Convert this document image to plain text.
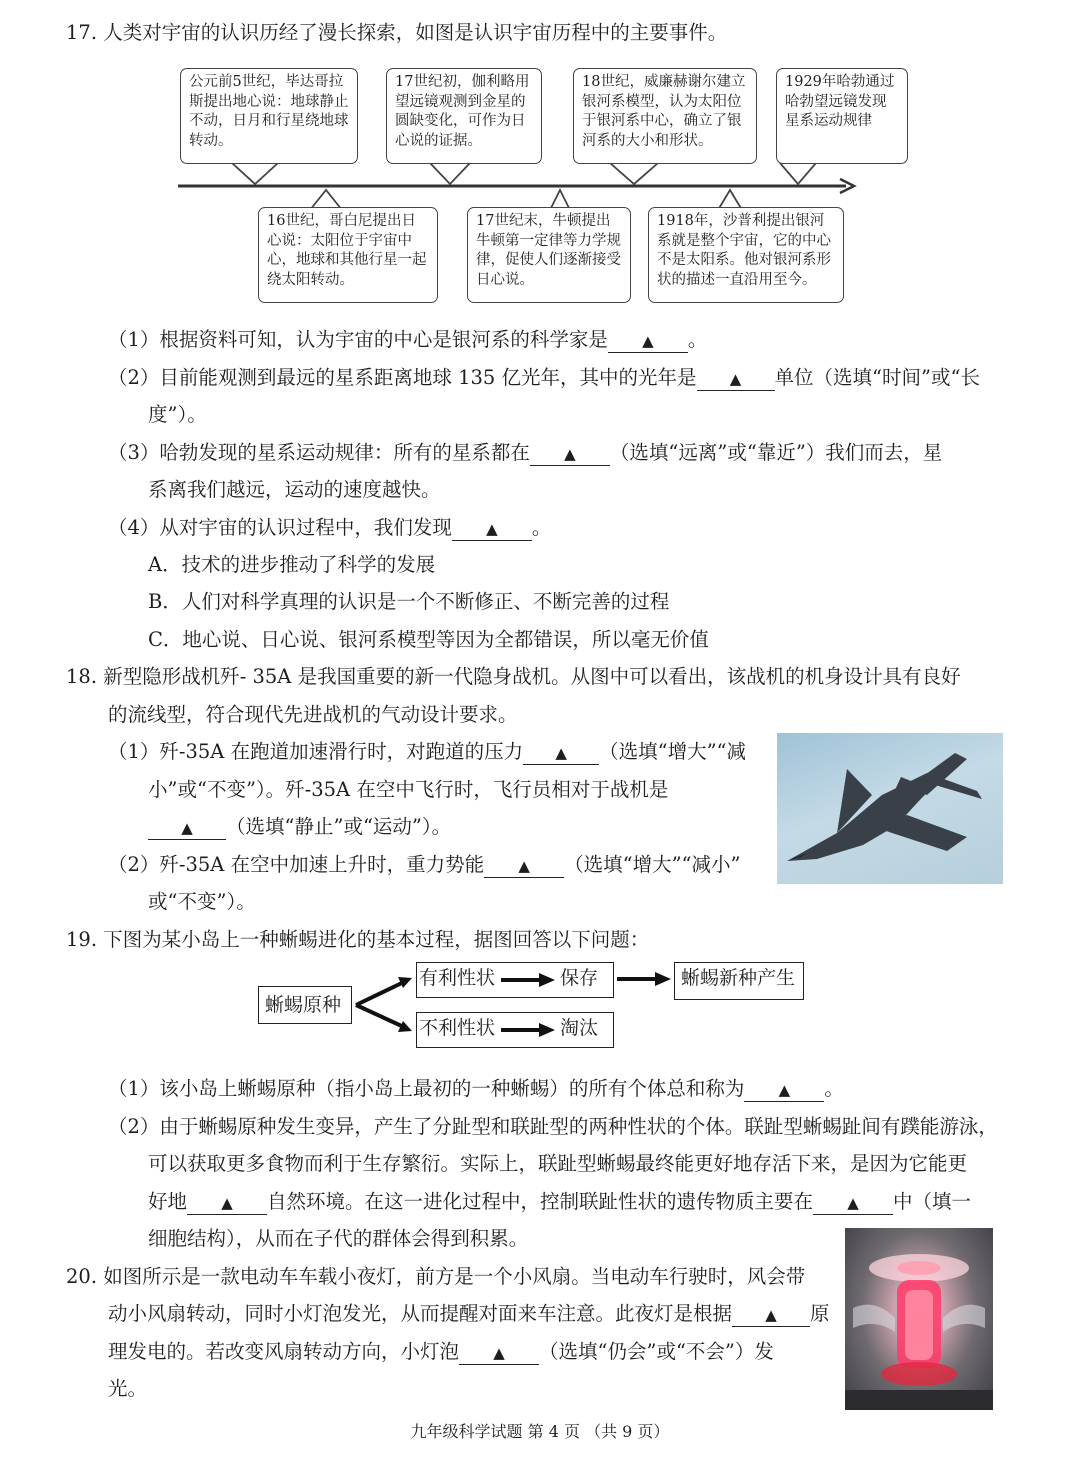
17. 人类对宇宙的认识历经了漫长探索，如图是认识宇宙历程中的主要事件。
公元前5世纪，毕达哥拉斯提出地心说：地球静止不动，日月和行星绕地球转动。
17世纪初，伽利略用望远镜观测到金星的圆缺变化，可作为日心说的证据。
18世纪，威廉赫谢尔建立银河系模型，认为太阳位于银河系中心，确立了银河系的大小和形状。
1929年哈勃通过哈勃望远镜发现星系运动规律
16世纪，哥白尼提出日心说：太阳位于宇宙中心，地球和其他行星一起绕太阳转动。
17世纪末，牛顿提出牛顿第一定律等力学规律，促使人们逐渐接受日心说。
1918年，沙普利提出银河系就是整个宇宙，它的中心不是太阳系。他对银河系形状的描述一直沿用至今。
（1）根据资料可知，认为宇宙的中心是银河系的科学家是 ▲ 。
（2）目前能观测到最远的星系距离地球 135 亿光年，其中的光年是 ▲ 单位（选填“时间”或“长
度”）。
（3）哈勃发现的星系运动规律：所有的星系都在 ▲ （选填“远离”或“靠近”）我们而去，星
系离我们越远，运动的速度越快。
（4）从对宇宙的认识过程中，我们发现 ▲ 。
A．技术的进步推动了科学的发展
B．人们对科学真理的认识是一个不断修正、不断完善的过程
C．地心说、日心说、银河系模型等因为全都错误，所以毫无价值
18. 新型隐形战机歼- 35A 是我国重要的新一代隐身战机。从图中可以看出，该战机的机身设计具有良好
的流线型，符合现代先进战机的气动设计要求。
（1）歼-35A 在跑道加速滑行时，对跑道的压力 ▲ （选填“增大”“减
小”或“不变”）。歼-35A 在空中飞行时，飞行员相对于战机是
▲ （选填“静止”或“运动”）。
（2）歼-35A 在空中加速上升时，重力势能 ▲ （选填“增大”“减小”
或“不变”）。
19. 下图为某小岛上一种蜥蜴进化的基本过程，据图回答以下问题：
蜥蜴原种
有利性状	保存	蜥蜴新种产生
不利性状	淘汰
（1）该小岛上蜥蜴原种（指小岛上最初的一种蜥蜴）的所有个体总和称为 ▲ 。
（2）由于蜥蜴原种发生变异，产生了分趾型和联趾型的两种性状的个体。联趾型蜥蜴趾间有蹼能游泳，
可以获取更多食物而利于生存繁衍。实际上，联趾型蜥蜴最终能更好地存活下来，是因为它能更
好地 ▲ 自然环境。在这一进化过程中，控制联趾性状的遗传物质主要在 ▲ 中（填一
细胞结构），从而在子代的群体会得到积累。
20. 如图所示是一款电动车车载小夜灯，前方是一个小风扇。当电动车行驶时，风会带
动小风扇转动，同时小灯泡发光，从而提醒对面来车注意。此夜灯是根据 ▲ 原
理发电的。若改变风扇转动方向，小灯泡 ▲ （选填“仍会”或“不会”）发
光。
九年级科学试题 第 4 页 （共 9 页）
